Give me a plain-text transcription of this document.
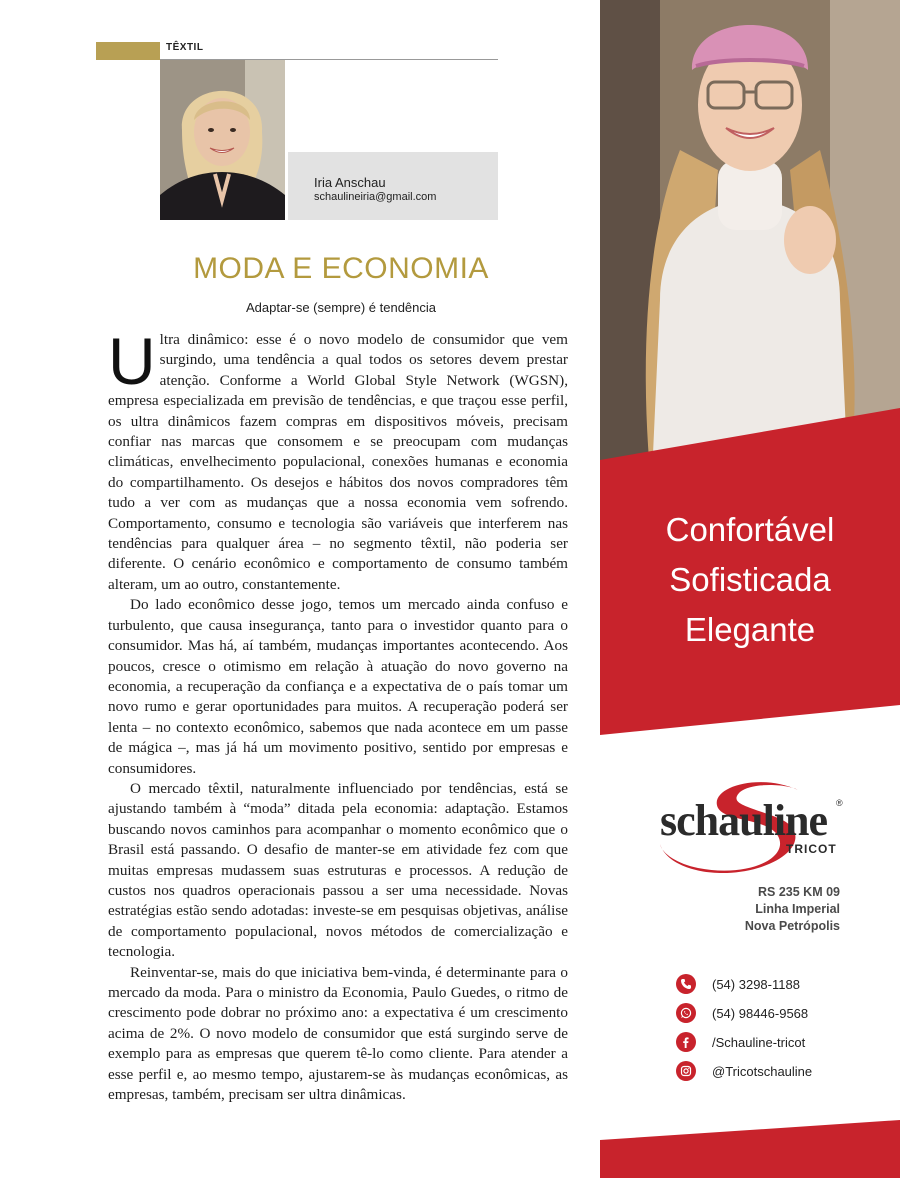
TÊXTIL
Iria Anschau
schaulineiria@gmail.com
MODA E ECONOMIA
Adaptar-se (sempre) é tendência

Ultra dinâmico: esse é o novo modelo de consumidor que vem surgindo, uma tendência a qual todos os setores devem prestar atenção. Conforme a World Global Style Network (WGSN), empresa especializada em previsão de tendências, e que traçou esse perfil, os ultra dinâmicos fazem compras em dispositivos móveis, precisam confiar nas marcas que consomem e se preocupam com mudanças climáticas, envelhecimento populacional, conexões humanas e economia do compartilhamento. Os desejos e hábitos dos novos compradores têm tudo a ver com as mudanças que a nossa economia vem sofrendo. Comportamento, consumo e tecnologia são variáveis que interferem nas tendências para qualquer área – no segmento têxtil, não poderia ser diferente. O cenário econômico e comportamento de consumo também alteram, um ao outro, constantemente.

Do lado econômico desse jogo, temos um mercado ainda confuso e turbulento, que causa insegurança, tanto para o investidor quanto para o consumidor. Mas há, aí também, mudanças importantes acontecendo. Aos poucos, cresce o otimismo em relação à atuação do novo governo na economia, a recuperação da confiança e a expectativa de o país tomar um novo rumo e gerar oportunidades para muitos. A recuperação poderá ser lenta – no contexto econômico, sabemos que nada acontece em um passe de mágica –, mas já há um movimento positivo, sentido por empresas e consumidores.

O mercado têxtil, naturalmente influenciado por tendências, está se ajustando também à “moda” ditada pela economia: adaptação. Estamos buscando novos caminhos para acompanhar o momento econômico que o Brasil está passando. O desafio de manter-se em atividade fez com que muitas empresas mudassem suas estruturas e processos. A redução de custos nos quadros operacionais passou a ser uma necessidade. Novas estratégias estão sendo adotadas: investe-se em pesquisas objetivas, análise de comportamento populacional, novos métodos de comercialização e tecnologia.

Reinventar-se, mais do que iniciativa bem-vinda, é determinante para o mercado da moda. Para o ministro da Economia, Paulo Guedes, o ritmo de crescimento pode dobrar no próximo ano: a expectativa é um crescimento acima de 2%. O novo modelo de consumidor que está surgindo serve de exemplo para as empresas que querem tê-lo como cliente. Para atender a esse perfil e, ao mesmo tempo, ajustarem-se às mudanças econômicas, as empresas, também, precisam ser ultra dinâmicas.

Confortável
Sofisticada
Elegante
schauline ®
TRICOT
RS 235 KM 09
Linha Imperial
Nova Petrópolis
(54) 3298-1188
(54) 98446-9568
/Schauline-tricot
@Tricotschauline
